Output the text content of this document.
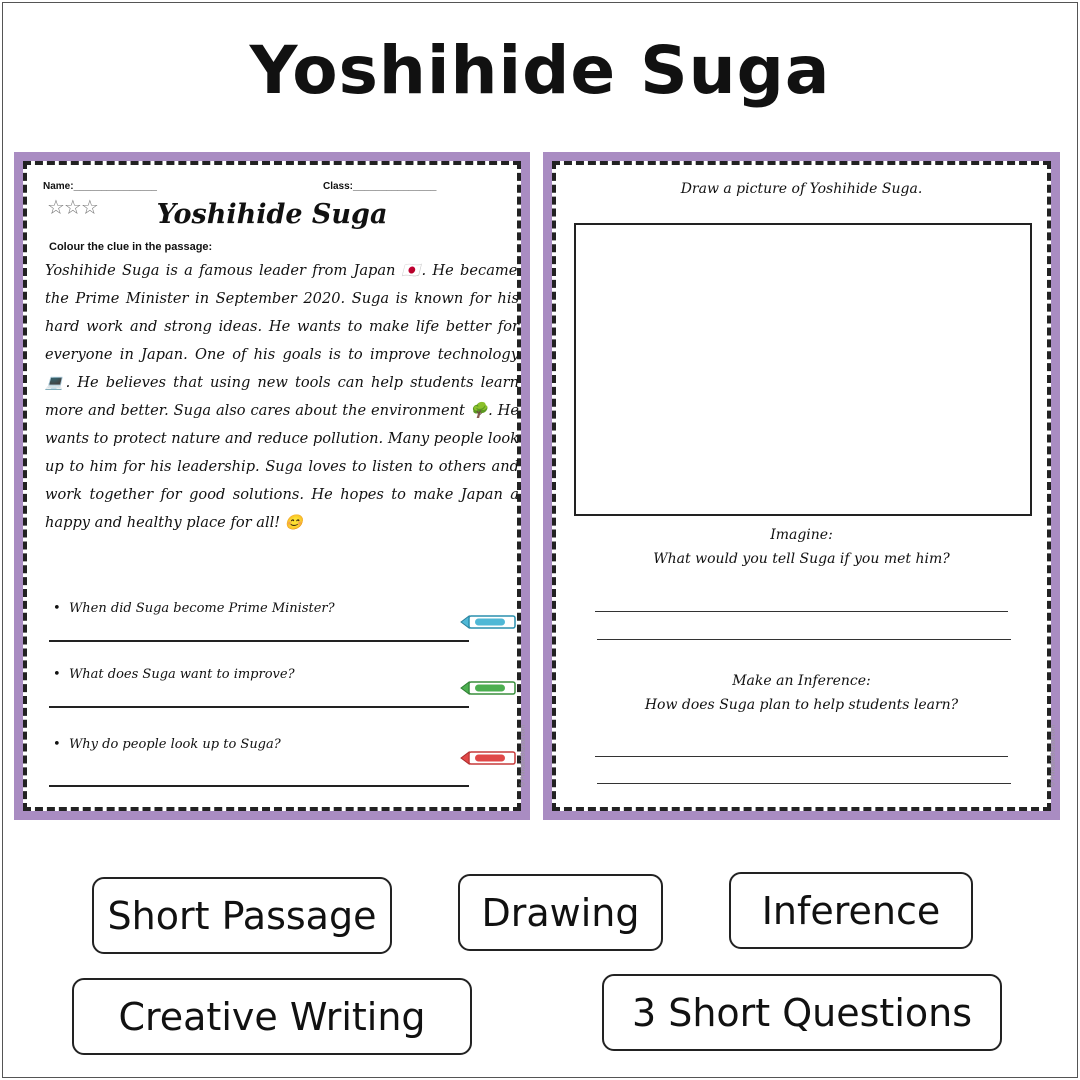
Yoshihide Suga
Name:_______________	Class:_______________
☆☆☆	Yoshihide Suga
Colour the clue in the passage:
Yoshihide Suga is a famous leader from Japan 🇯🇵. He became the Prime Minister in September 2020. Suga is known for his hard work and strong ideas. He wants to make life better for everyone in Japan. One of his goals is to improve technology 💻. He believes that using new tools can help students learn more and better. Suga also cares about the environment 🌳. He wants to protect nature and reduce pollution. Many people look up to him for his leadership. Suga loves to listen to others and work together for good solutions. He hopes to make Japan a happy and healthy place for all! 😊
• When did Suga become Prime Minister?
• What does Suga want to improve?
• Why do people look up to Suga?	© PrintableBazaar.com
Draw a picture of Yoshihide Suga.
Imagine:
What would you tell Suga if you met him?
Make an Inference:
How does Suga plan to help students learn?
© PrintableBazaar.com
Short Passage	Drawing	Inference
Creative Writing	3 Short Questions
